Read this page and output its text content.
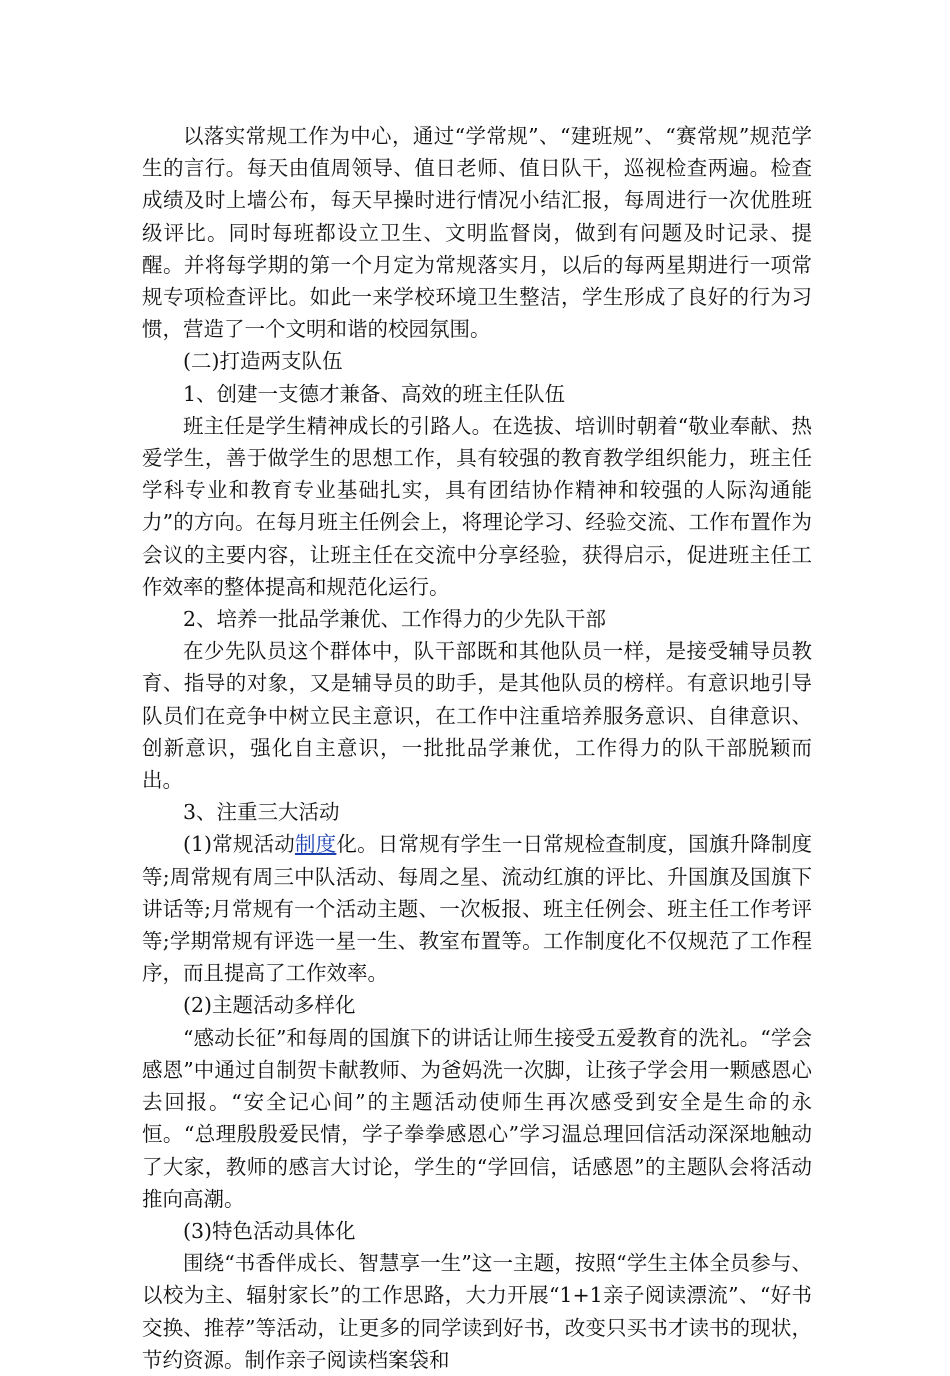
以落实常规工作为中心，通过“学常规”、“建班规”、“赛常规”规范学生的言行。每天由值周领导、值日老师、值日队干，巡视检查两遍。检查成绩及时上墙公布，每天早操时进行情况小结汇报，每周进行一次优胜班级评比。同时每班都设立卫生、文明监督岗，做到有问题及时记录、提醒。并将每学期的第一个月定为常规落实月，以后的每两星期进行一项常规专项检查评比。如此一来学校环境卫生整洁，学生形成了良好的行为习惯，营造了一个文明和谐的校园氛围。

(二)打造两支队伍

1、创建一支德才兼备、高效的班主任队伍

班主任是学生精神成长的引路人。在选拔、培训时朝着“敬业奉献、热爱学生，善于做学生的思想工作，具有较强的教育教学组织能力，班主任学科专业和教育专业基础扎实，具有团结协作精神和较强的人际沟通能力”的方向。在每月班主任例会上，将理论学习、经验交流、工作布置作为会议的主要内容，让班主任在交流中分享经验，获得启示，促进班主任工作效率的整体提高和规范化运行。

2、培养一批品学兼优、工作得力的少先队干部

在少先队员这个群体中，队干部既和其他队员一样，是接受辅导员教育、指导的对象，又是辅导员的助手，是其他队员的榜样。有意识地引导队员们在竞争中树立民主意识，在工作中注重培养服务意识、自律意识、创新意识，强化自主意识，一批批品学兼优，工作得力的队干部脱颖而出。

3、注重三大活动

(1)常规活动制度化。日常规有学生一日常规检查制度，国旗升降制度等;周常规有周三中队活动、每周之星、流动红旗的评比、升国旗及国旗下讲话等;月常规有一个活动主题、一次板报、班主任例会、班主任工作考评等;学期常规有评选一星一生、教室布置等。工作制度化不仅规范了工作程序，而且提高了工作效率。

(2)主题活动多样化

“感动长征”和每周的国旗下的讲话让师生接受五爱教育的洗礼。“学会感恩”中通过自制贺卡献教师、为爸妈洗一次脚，让孩子学会用一颗感恩心去回报。“安全记心间”的主题活动使师生再次感受到安全是生命的永恒。“总理殷殷爱民情，学子拳拳感恩心”学习温总理回信活动深深地触动了大家，教师的感言大讨论，学生的“学回信，话感恩”的主题队会将活动推向高潮。

(3)特色活动具体化

围绕“书香伴成长、智慧享一生”这一主题，按照“学生主体全员参与、以校为主、辐射家长”的工作思路，大力开展“1+1亲子阅读漂流”、“好书交换、推荐”等活动，让更多的同学读到好书，改变只买书才读书的现状，节约资源。制作亲子阅读档案袋和
